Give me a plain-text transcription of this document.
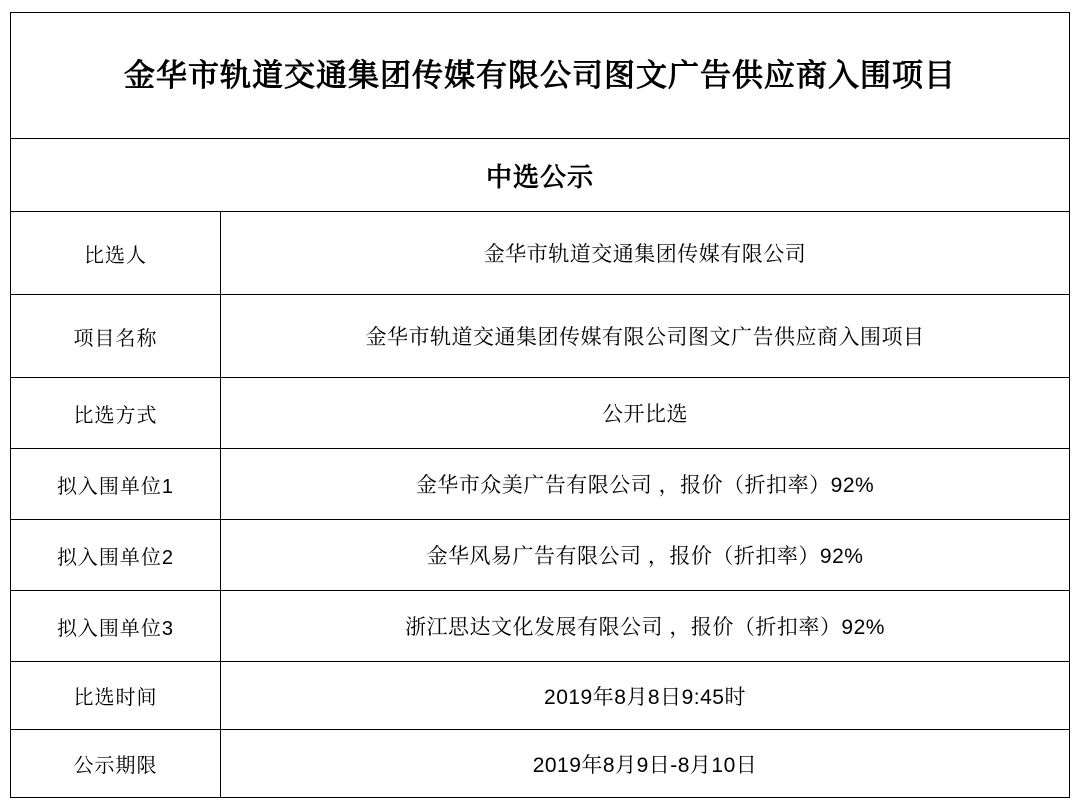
金华市轨道交通集团传媒有限公司图文广告供应商入围项目	
中选公示	
比选人	金华市轨道交通集团传媒有限公司
项目名称	金华市轨道交通集团传媒有限公司图文广告供应商入围项目
比选方式	公开比选
拟入围单位1	金华市众美广告有限公司 ，报价（折扣率）92%
拟入围单位2	金华风易广告有限公司 ，报价（折扣率）92%
拟入围单位3	浙江思达文化发展有限公司 ，报价（折扣率）92%
比选时间	2019年8月8日9:45时
公示期限	2019年8月9日-8月10日
